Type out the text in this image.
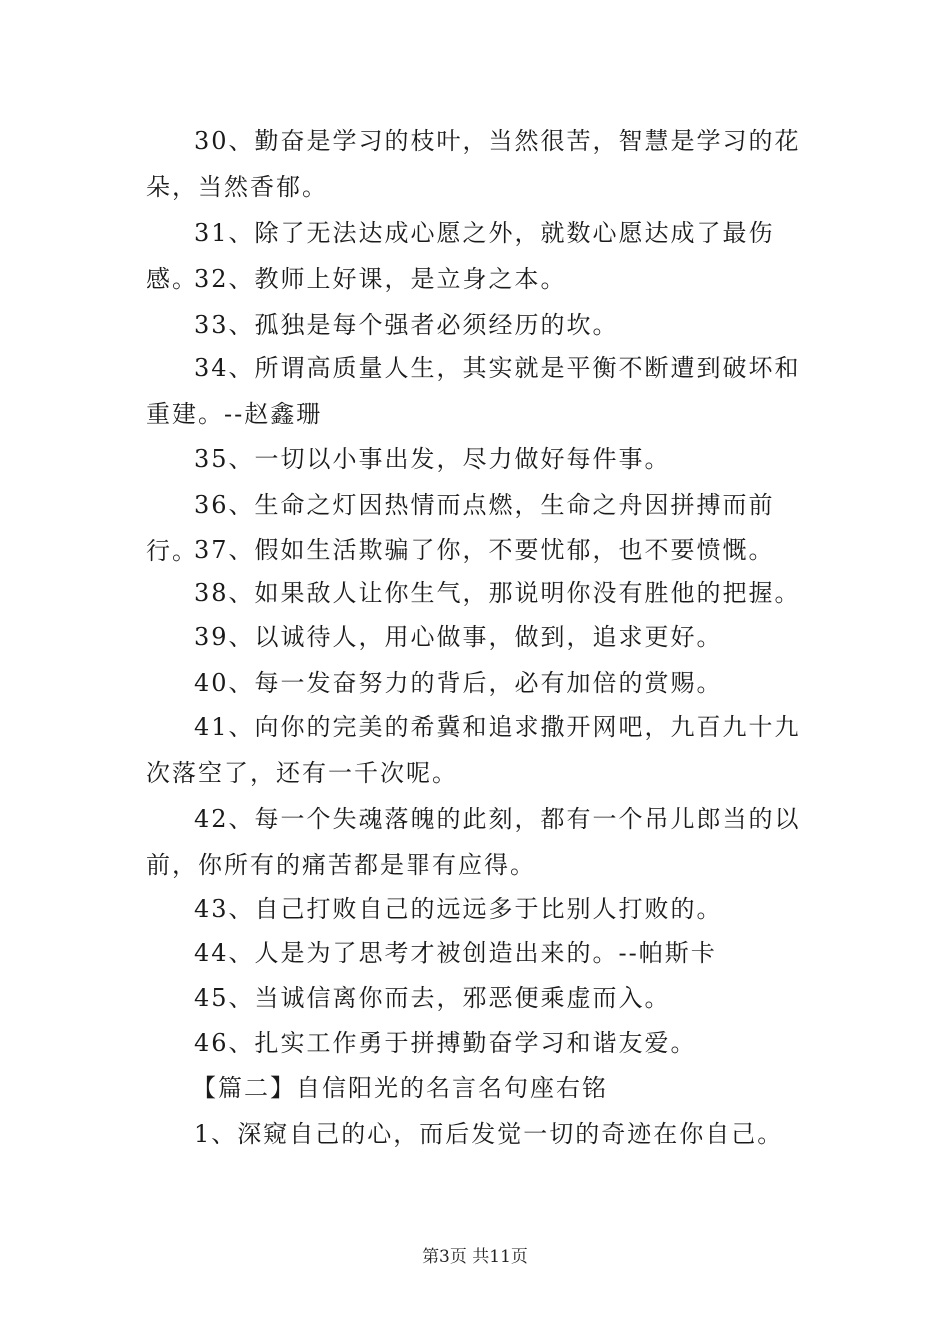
30、勤奋是学习的枝叶，当然很苦，智慧是学习的花朵，当然香郁。

31、除了无法达成心愿之外，就数心愿达成了最伤感。

32、教师上好课，是立身之本。

33、孤独是每个强者必须经历的坎。

34、所谓高质量人生，其实就是平衡不断遭到破坏和重建。--赵鑫珊

35、一切以小事出发，尽力做好每件事。

36、生命之灯因热情而点燃，生命之舟因拼搏而前行。

37、假如生活欺骗了你，不要忧郁，也不要愤慨。

38、如果敌人让你生气，那说明你没有胜他的把握。

39、以诚待人，用心做事，做到，追求更好。

40、每一发奋努力的背后，必有加倍的赏赐。

41、向你的完美的希冀和追求撒开网吧，九百九十九次落空了，还有一千次呢。

42、每一个失魂落魄的此刻，都有一个吊儿郎当的以前，你所有的痛苦都是罪有应得。

43、自己打败自己的远远多于比别人打败的。

44、人是为了思考才被创造出来的。--帕斯卡

45、当诚信离你而去，邪恶便乘虚而入。

46、扎实工作勇于拼搏勤奋学习和谐友爱。

【篇二】自信阳光的名言名句座右铭

1、深窥自己的心，而后发觉一切的奇迹在你自己。

第3页 共11页
